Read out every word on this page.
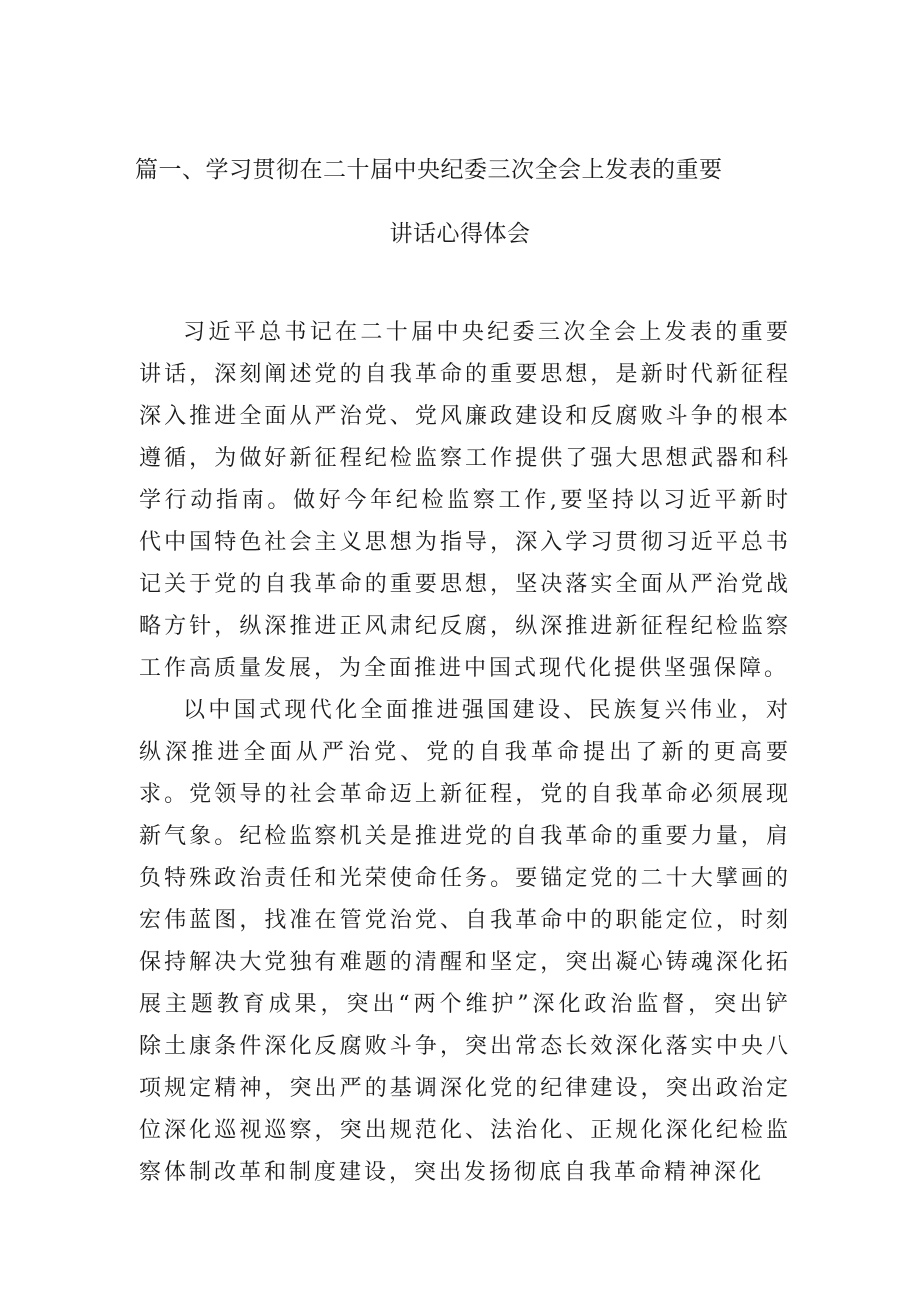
篇一、学习贯彻在二十届中央纪委三次全会上发表的重要
讲话心得体会

习近平总书记在二十届中央纪委三次全会上发表的重要讲话，深刻阐述党的自我革命的重要思想，是新时代新征程深入推进全面从严治党、党风廉政建设和反腐败斗争的根本遵循，为做好新征程纪检监察工作提供了强大思想武器和科学行动指南。做好今年纪检监察工作,要坚持以习近平新时代中国特色社会主义思想为指导，深入学习贯彻习近平总书记关于党的自我革命的重要思想，坚决落实全面从严治党战略方针，纵深推进正风肃纪反腐，纵深推进新征程纪检监察工作高质量发展，为全面推进中国式现代化提供坚强保障。

以中国式现代化全面推进强国建设、民族复兴伟业，对纵深推进全面从严治党、党的自我革命提出了新的更高要求。党领导的社会革命迈上新征程，党的自我革命必须展现新气象。纪检监察机关是推进党的自我革命的重要力量，肩负特殊政治责任和光荣使命任务。要锚定党的二十大擘画的宏伟蓝图，找准在管党治党、自我革命中的职能定位，时刻保持解决大党独有难题的清醒和坚定，突出凝心铸魂深化拓展主题教育成果，突出“两个维护”深化政治监督，突出铲除土康条件深化反腐败斗争，突出常态长效深化落实中央八项规定精神，突出严的基调深化党的纪律建设，突出政治定位深化巡视巡察，突出规范化、法治化、正规化深化纪检监察体制改革和制度建设，突出发扬彻底自我革命精神深化
